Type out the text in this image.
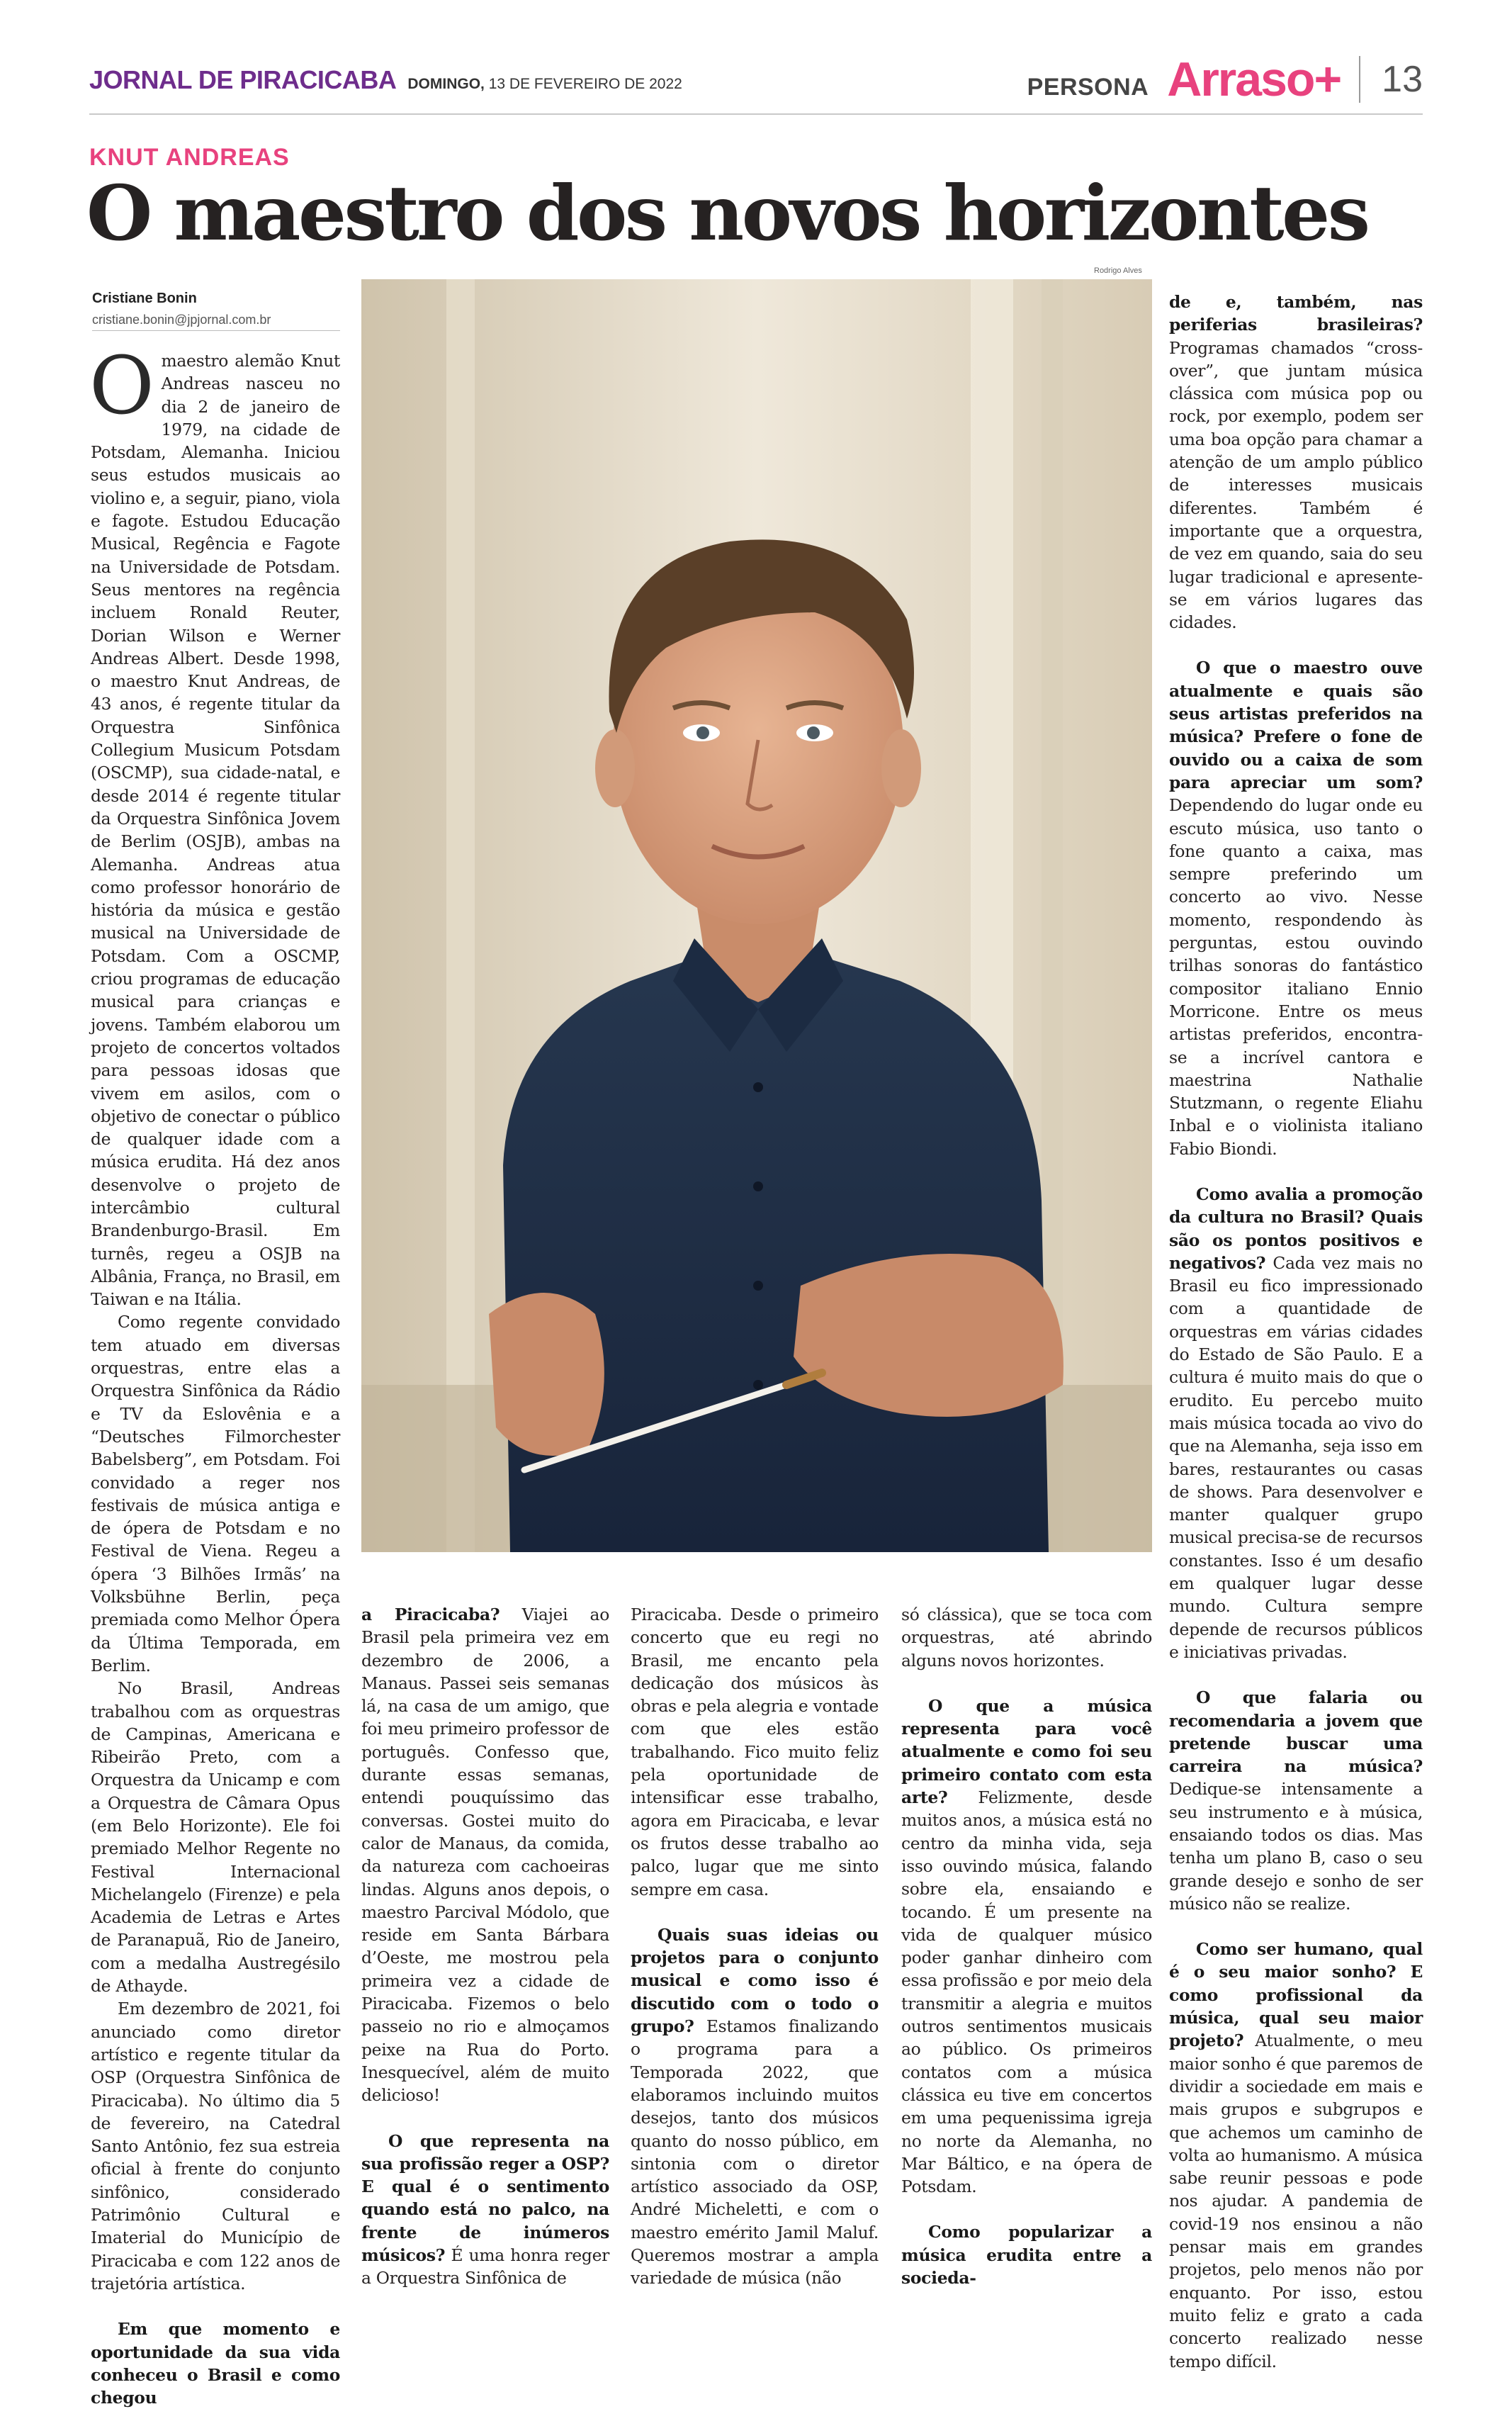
JORNAL DE PIRACICABA DOMINGO, 13 DE FEVEREIRO DE 2022	PERSONA Arraso+ 13
KNUT ANDREAS
O maestro dos novos horizontes
Rodrigo Alves
Cristiane Bonin
cristiane.bonin@jpjornal.com.br

Omaestro alemão Knut Andreas nasceu no dia 2 de janeiro de 1979, na cidade de Potsdam, Alemanha. Iniciou seus estudos musicais ao violino e, a seguir, piano, viola e fagote. Estudou Educação Musical, Regência e Fagote na Universidade de Potsdam. Seus mentores na regência incluem Ronald Reuter, Dorian Wilson e Werner Andreas Albert. Desde 1998, o maestro Knut Andreas, de 43 anos, é regente titular da Orquestra Sinfônica Collegium Musicum Potsdam (OSCMP), sua cidade-natal, e desde 2014 é regente titular da Orquestra Sinfônica Jovem de Berlim (OSJB), ambas na Alemanha. Andreas atua como professor honorário de história da música e gestão musical na Universidade de Potsdam. Com a OSCMP, criou programas de educação musical para crianças e jovens. Também elaborou um projeto de concertos voltados para pessoas idosas que vivem em asilos, com o objetivo de conectar o público de qualquer idade com a música erudita. Há dez anos desenvolve o projeto de intercâmbio cultural Brandenburgo-Brasil. Em turnês, regeu a OSJB na Albânia, França, no Brasil, em Taiwan e na Itália.

Como regente convidado tem atuado em diversas orquestras, entre elas a Orquestra Sinfônica da Rádio e TV da Eslovênia e a “Deutsches Filmorchester Babelsberg”, em Potsdam. Foi convidado a reger nos festivais de música antiga e de ópera de Potsdam e no Festival de Viena. Regeu a ópera ‘3 Bilhões Irmãs’ na Volksbühne Berlin, peça premiada como Melhor Ópera da Última Temporada, em Berlim.

No Brasil, Andreas trabalhou com as orquestras de Campinas, Americana e Ribeirão Preto, com a Orquestra da Unicamp e com a Orquestra de Câmara Opus (em Belo Horizonte). Ele foi premiado Melhor Regente no Festival Internacional Michelangelo (Firenze) e pela Academia de Letras e Artes de Paranapuã, Rio de Janeiro, com a medalha Austregésilo de Athayde.

Em dezembro de 2021, foi anunciado como diretor artístico e regente titular da OSP (Orquestra Sinfônica de Piracicaba). No último dia 5 de fevereiro, na Catedral Santo Antônio, fez sua estreia oficial à frente do conjunto sinfônico, considerado Patrimônio Cultural e Imaterial do Município de Piracicaba e com 122 anos de trajetória artística.

Em que momento e oportunidade da sua vida conheceu o Brasil e como chegou

a Piracicaba? Viajei ao Brasil pela primeira vez em dezembro de 2006, a Manaus. Passei seis semanas lá, na casa de um amigo, que foi meu primeiro professor de português. Confesso que, durante essas semanas, entendi pouquíssimo das conversas. Gostei muito do calor de Manaus, da comida, da natureza com cachoeiras lindas. Alguns anos depois, o maestro Parcival Módolo, que reside em Santa Bárbara d’Oeste, me mostrou pela primeira vez a cidade de Piracicaba. Fizemos o belo passeio no rio e almoçamos peixe na Rua do Porto. Inesquecível, além de muito delicioso!

O que representa na sua profissão reger a OSP? E qual é o sentimento quando está no palco, na frente de inúmeros músicos? É uma honra reger a Orquestra Sinfônica de

Piracicaba. Desde o primeiro concerto que eu regi no Brasil, me encanto pela dedicação dos músicos às obras e pela alegria e vontade com que eles estão trabalhando. Fico muito feliz pela oportunidade de intensificar esse trabalho, agora em Piracicaba, e levar os frutos desse trabalho ao palco, lugar que me sinto sempre em casa.

Quais suas ideias ou projetos para o conjunto musical e como isso é discutido com o todo o grupo? Estamos finalizando o programa para a Temporada 2022, que elaboramos incluindo muitos desejos, tanto dos músicos quanto do nosso público, em sintonia com o diretor artístico associado da OSP, André Micheletti, e com o maestro emérito Jamil Maluf. Queremos mostrar a ampla variedade de música (não

só clássica), que se toca com orquestras, até abrindo alguns novos horizontes.

O que a música representa para você atualmente e como foi seu primeiro contato com esta arte? Felizmente, desde muitos anos, a música está no centro da minha vida, seja isso ouvindo música, falando sobre ela, ensaiando e tocando. É um presente na vida de qualquer músico poder ganhar dinheiro com essa profissão e por meio dela transmitir a alegria e muitos outros sentimentos musicais ao público. Os primeiros contatos com a música clássica eu tive em concertos em uma pequenissima igreja no norte da Alemanha, no Mar Báltico, e na ópera de Potsdam.

Como popularizar a música erudita entre a socieda-

de e, também, nas periferias brasileiras? Programas chamados “cross-over”, que juntam música clássica com música pop ou rock, por exemplo, podem ser uma boa opção para chamar a atenção de um amplo público de interesses musicais diferentes. Também é importante que a orquestra, de vez em quando, saia do seu lugar tradicional e apresente-se em vários lugares das cidades.

O que o maestro ouve atualmente e quais são seus artistas preferidos na música? Prefere o fone de ouvido ou a caixa de som para apreciar um som? Dependendo do lugar onde eu escuto música, uso tanto o fone quanto a caixa, mas sempre preferindo um concerto ao vivo. Nesse momento, respondendo às perguntas, estou ouvindo trilhas sonoras do fantástico compositor italiano Ennio Morricone. Entre os meus artistas preferidos, encontra-se a incrível cantora e maestrina Nathalie Stutzmann, o regente Eliahu Inbal e o violinista italiano Fabio Biondi.

Como avalia a promoção da cultura no Brasil? Quais são os pontos positivos e negativos? Cada vez mais no Brasil eu fico impressionado com a quantidade de orquestras em várias cidades do Estado de São Paulo. E a cultura é muito mais do que o erudito. Eu percebo muito mais música tocada ao vivo do que na Alemanha, seja isso em bares, restaurantes ou casas de shows. Para desenvolver e manter qualquer grupo musical precisa-se de recursos constantes. Isso é um desafio em qualquer lugar desse mundo. Cultura sempre depende de recursos públicos e iniciativas privadas.

O que falaria ou recomendaria a jovem que pretende buscar uma carreira na música? Dedique-se intensamente a seu instrumento e à música, ensaiando todos os dias. Mas tenha um plano B, caso o seu grande desejo e sonho de ser músico não se realize.

Como ser humano, qual é o seu maior sonho? E como profissional da música, qual seu maior projeto? Atualmente, o meu maior sonho é que paremos de dividir a sociedade em mais e mais grupos e subgrupos e que achemos um caminho de volta ao humanismo. A música sabe reunir pessoas e pode nos ajudar. A pandemia de covid-19 nos ensinou a não pensar mais em grandes projetos, pelo menos não por enquanto. Por isso, estou muito feliz e grato a cada concerto realizado nesse tempo difícil.
